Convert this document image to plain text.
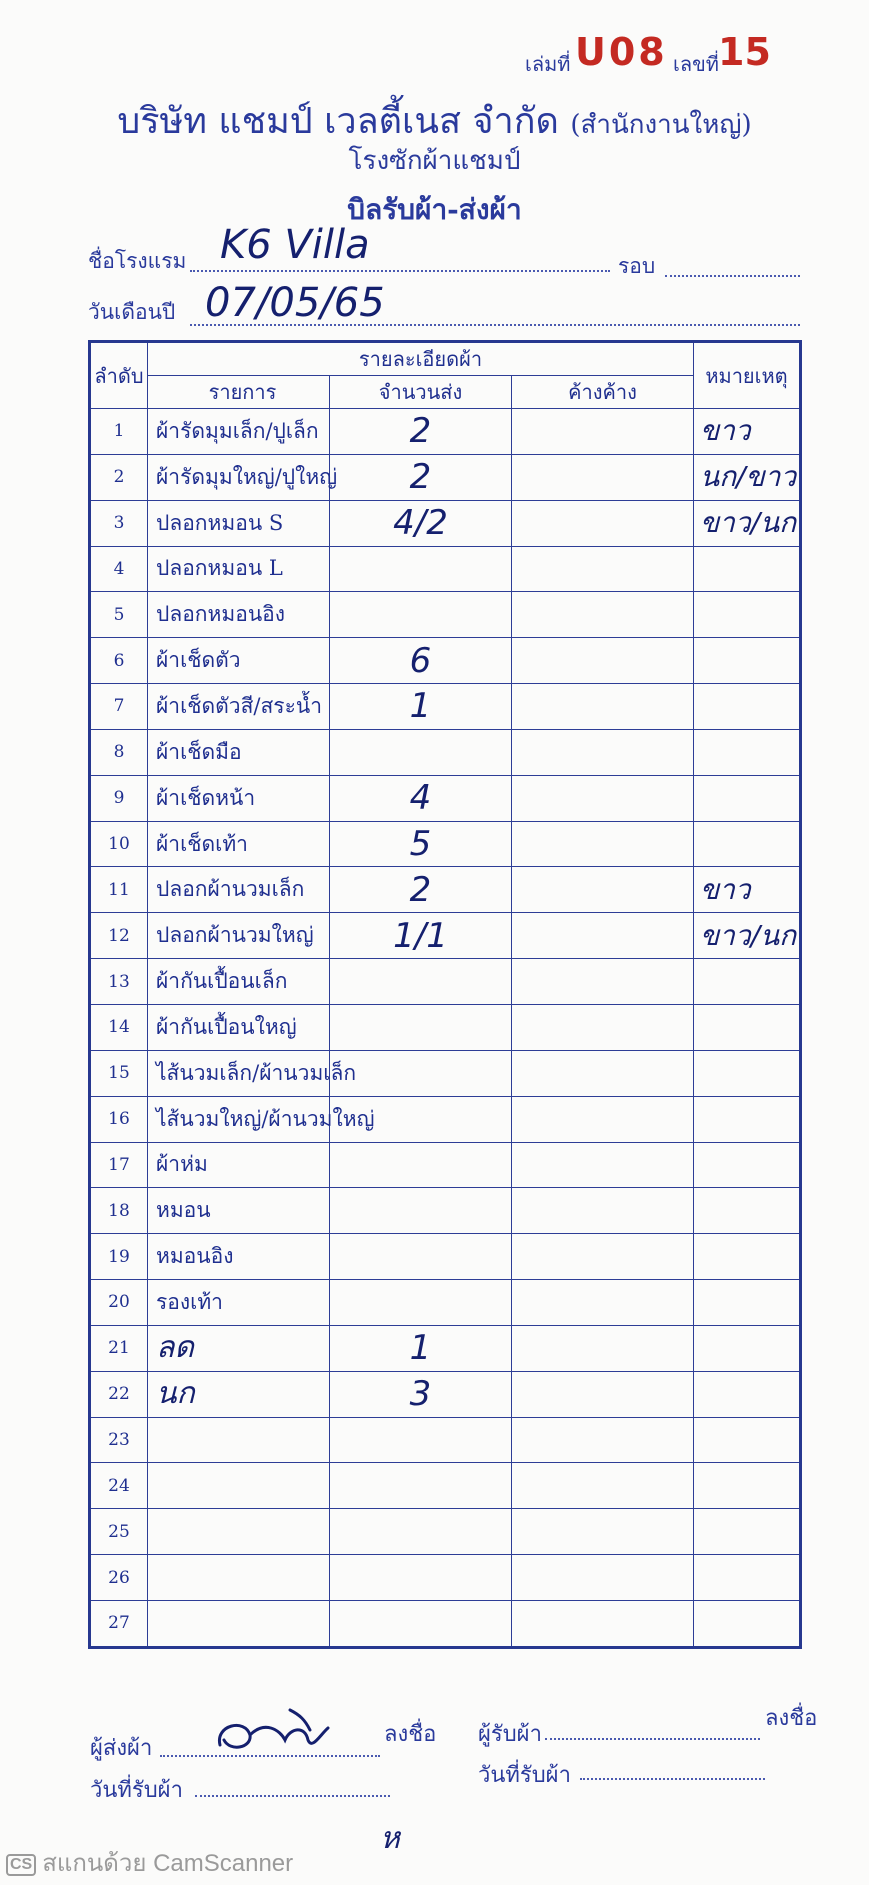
เล่มที่ U08 เลขที่ 15
บริษัท แชมป์ เวลตี้เนส จำกัด (สำนักงานใหญ่)
โรงซักผ้าแชมป์
บิลรับผ้า-ส่งผ้า
ชื่อโรงแรม K6 Villa	รอบ
วันเดือนปี 07/05/65
ลำดับ	รายละเอียดผ้า			หมายเหตุ
	รายการ	จำนวนส่ง	ค้างค้าง	
1	ผ้ารัดมุมเล็ก/ปูเล็ก	2		ขาว
2	ผ้ารัดมุมใหญ่/ปูใหญ่	2		นก/ขาว
3	ปลอกหมอน S	4/2		ขาว/นก
4	ปลอกหมอน L			
5	ปลอกหมอนอิง			
6	ผ้าเช็ดตัว	6		
7	ผ้าเช็ดตัวสี/สระน้ำ	1		
8	ผ้าเช็ดมือ			
9	ผ้าเช็ดหน้า	4		
10	ผ้าเช็ดเท้า	5		
11	ปลอกผ้านวมเล็ก	2		ขาว
12	ปลอกผ้านวมใหญ่	1/1		ขาว/นก
13	ผ้ากันเปื้อนเล็ก			
14	ผ้ากันเปื้อนใหญ่			
15	ไส้นวมเล็ก/ผ้านวมเล็ก			
16	ไส้นวมใหญ่/ผ้านวมใหญ่			
17	ผ้าห่ม			
18	หมอน			
19	หมอนอิง			
20	รองเท้า			
21	ลด	1		
22	นก	3		
23				
24				
25				
26				
27				
ผู้ส่งผ้า
ลงชื่อ ผู้รับผ้า
ลงชื่อ
วันที่รับผ้า
วันที่รับผ้า
ห
CS สแกนด้วย CamScanner
